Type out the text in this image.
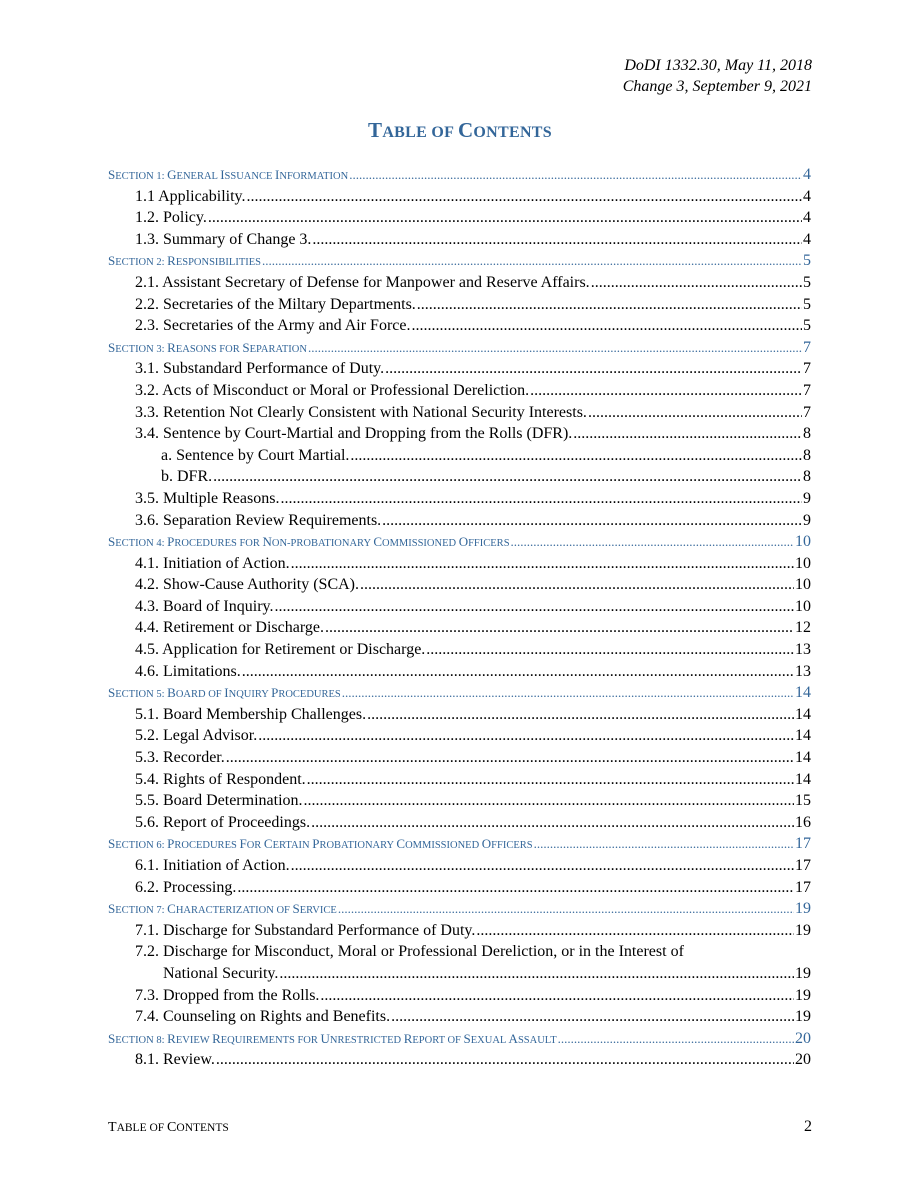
DoDI 1332.30, May 11, 2018
Change 3, September 9, 2021
TABLE OF CONTENTS
SECTION 1: GENERAL ISSUANCE INFORMATION .....	4
1.1 Applicability. .....	4
1.2. Policy. .....	4
1.3. Summary of Change 3. .....	4
SECTION 2: RESPONSIBILITIES .....	5
2.1. Assistant Secretary of Defense for Manpower and Reserve Affairs. .....	5
2.2. Secretaries of the Miltary Departments. .....	5
2.3. Secretaries of the Army and Air Force. .....	5
SECTION 3: REASONS FOR SEPARATION .....	7
3.1. Substandard Performance of Duty. .....	7
3.2. Acts of Misconduct or Moral or Professional Dereliction. .....	7
3.3. Retention Not Clearly Consistent with National Security Interests. .....	7
3.4. Sentence by Court-Martial and Dropping from the Rolls (DFR). .....	8
a. Sentence by Court Martial. .....	8
b. DFR. .....	8
3.5. Multiple Reasons. .....	9
3.6. Separation Review Requirements. .....	9
SECTION 4: PROCEDURES FOR NON-PROBATIONARY COMMISSIONED OFFICERS .....	10
4.1. Initiation of Action. .....	10
4.2. Show-Cause Authority (SCA). .....	10
4.3. Board of Inquiry. .....	10
4.4. Retirement or Discharge. .....	12
4.5. Application for Retirement or Discharge. .....	13
4.6. Limitations. .....	13
SECTION 5: BOARD OF INQUIRY PROCEDURES .....	14
5.1. Board Membership Challenges. .....	14
5.2. Legal Advisor. .....	14
5.3. Recorder. .....	14
5.4. Rights of Respondent. .....	14
5.5. Board Determination. .....	15
5.6. Report of Proceedings. .....	16
SECTION 6: PROCEDURES FOR CERTAIN PROBATIONARY COMMISSIONED OFFICERS .....	17
6.1. Initiation of Action. .....	17
6.2. Processing. .....	17
SECTION 7: CHARACTERIZATION OF SERVICE .....	19
7.1. Discharge for Substandard Performance of Duty. .....	19
7.2. Discharge for Misconduct, Moral or Professional Dereliction, or in the Interest of
National Security. .....	19
7.3. Dropped from the Rolls. .....	19
7.4. Counseling on Rights and Benefits. .....	19
SECTION 8: REVIEW REQUIREMENTS FOR UNRESTRICTED REPORT OF SEXUAL ASSAULT .....	20
8.1. Review. .....	20
TABLE OF CONTENTS	2
